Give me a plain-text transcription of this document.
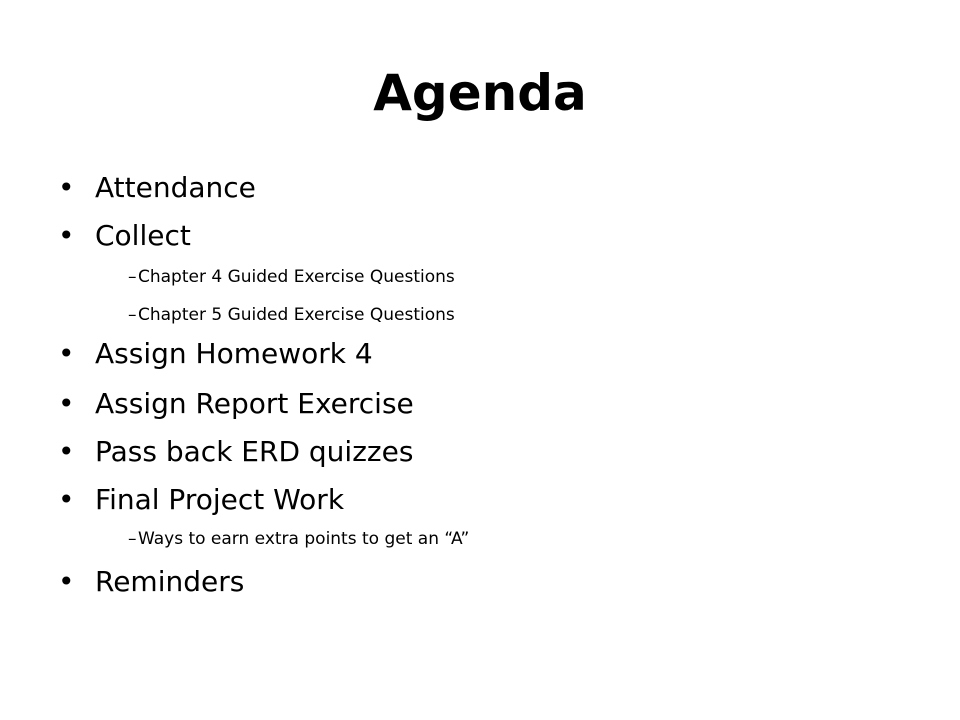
Agenda
• Attendance
• Collect
– Chapter 4 Guided Exercise Questions
– Chapter 5 Guided Exercise Questions
• Assign Homework 4
• Assign Report Exercise
• Pass back ERD quizzes
• Final Project Work
– Ways to earn extra points to get an “A”
• Reminders
